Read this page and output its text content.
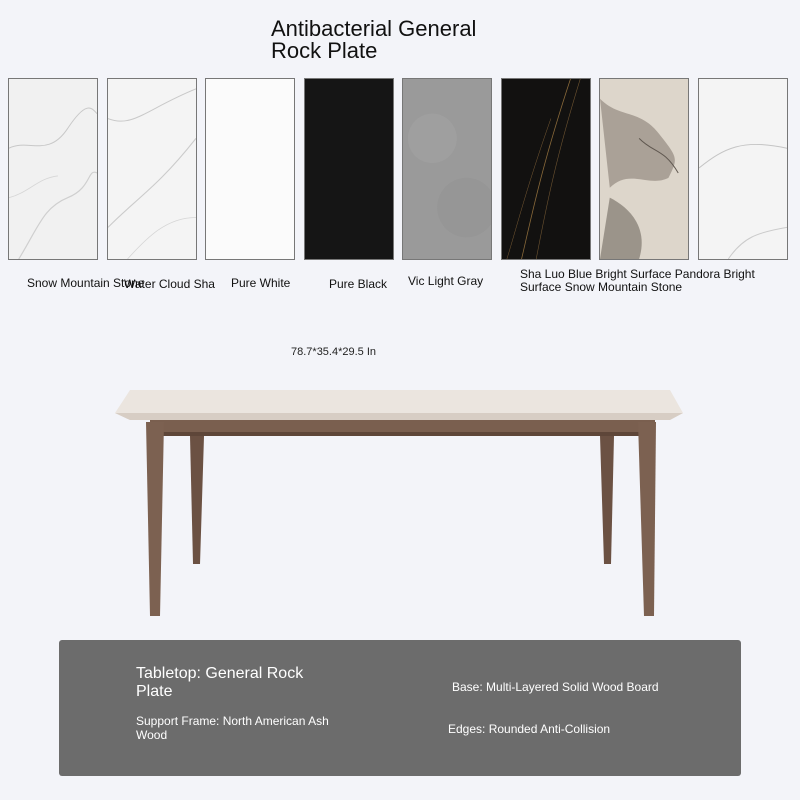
Antibacterial General Rock Plate
Snow Mountain Stone
Water Cloud Sha Pure White	Pure Black Vic Light Gray	Sha Luo Blue Bright Surface Pandora Bright Surface Snow Mountain Stone
78.7*35.4*29.5 In
Tabletop: General Rock Plate	Base: Multi-Layered Solid Wood Board
Support Frame: North American Ash Wood	Edges: Rounded Anti-Collision
